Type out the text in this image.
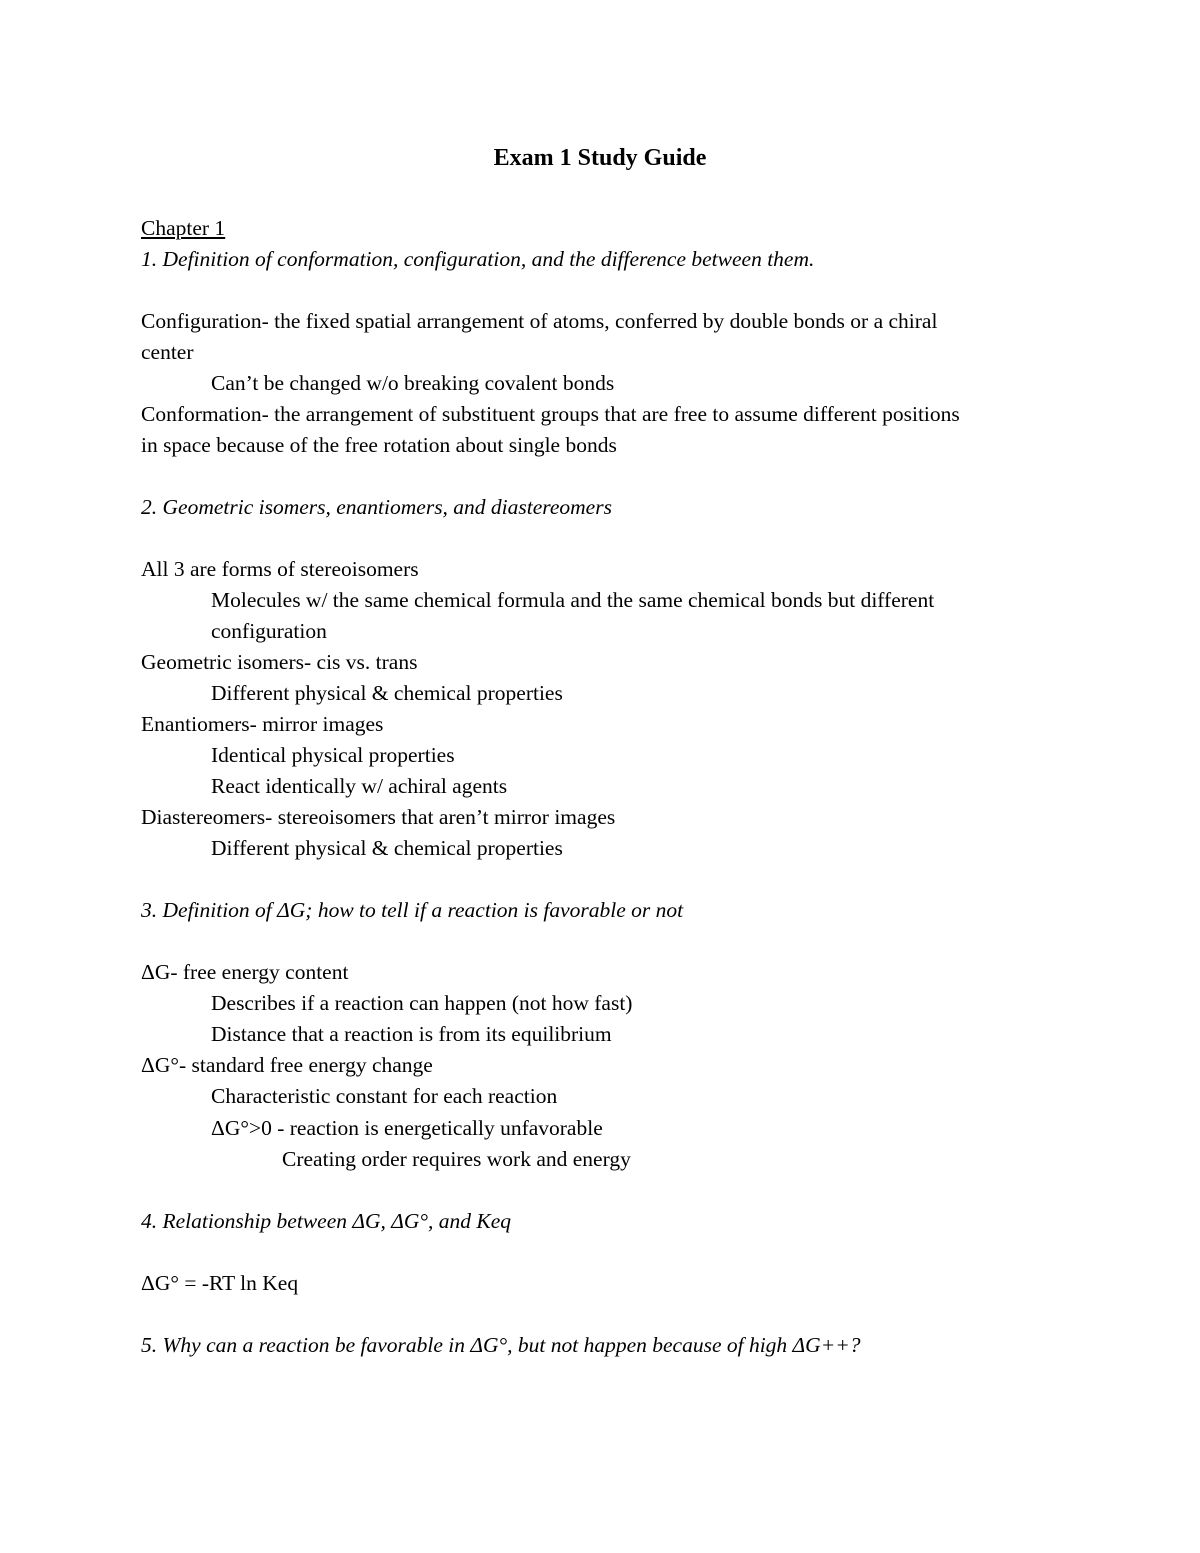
Exam 1 Study Guide
Chapter 1
1. Definition of conformation, configuration, and the difference between them.
Configuration- the fixed spatial arrangement of atoms, conferred by double bonds or a chiral
center
Can’t be changed w/o breaking covalent bonds
Conformation- the arrangement of substituent groups that are free to assume different positions
in space because of the free rotation about single bonds
2. Geometric isomers, enantiomers, and diastereomers
All 3 are forms of stereoisomers
Molecules w/ the same chemical formula and the same chemical bonds but different
configuration
Geometric isomers- cis vs. trans
Different physical & chemical properties
Enantiomers- mirror images
Identical physical properties
React identically w/ achiral agents
Diastereomers- stereoisomers that aren’t mirror images
Different physical & chemical properties
3. Definition of ΔG; how to tell if a reaction is favorable or not
ΔG- free energy content
Describes if a reaction can happen (not how fast)
Distance that a reaction is from its equilibrium
ΔG°- standard free energy change
Characteristic constant for each reaction
ΔG°>0 - reaction is energetically unfavorable
Creating order requires work and energy
4. Relationship between ΔG, ΔG°, and Keq
ΔG° = -RT ln Keq
5. Why can a reaction be favorable in ΔG°, but not happen because of high ΔG++?
